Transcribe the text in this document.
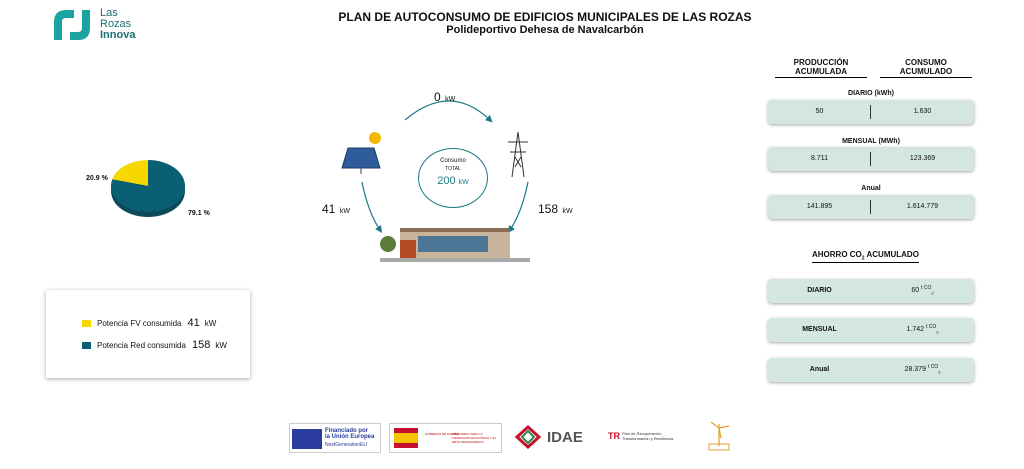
Las
Rozas
Innova
PLAN DE AUTOCONSUMO DE EDIFICIOS MUNICIPALES DE LAS ROZAS
Polideportivo Dehesa de Navalcarbón
20.9 %
79.1 %
Potencia FV consumida 41 kW
Potencia Red consumida 158 kW
0 kW
41 kW	158 kW
Consumo
TOTAL
200 kW
PRODUCCIÓN ACUMULADA
CONSUMO ACUMULADO
DIARIO (kWh)
50	1.630
MENSUAL (MWh)
8.711	123.369
Anual
141.895	1.614.779
AHORRO $CO_2$ ACUMULADO
DIARIO	60 $^{t CO}_2$
MENSUAL	1.742 $^{t CO}_2$
Anual	28.379 $^{t CO}_2$
Financiado por
la Unión Europea
NextGenerationEU
GOBIERNO DE ESPAÑA
MINISTERIO PARA LA TRANSICIÓN ECOLÓGICA Y EL RETO DEMOGRÁFICO	IDAE	TR Plan de Recuperación,
Transformación y Resiliencia
